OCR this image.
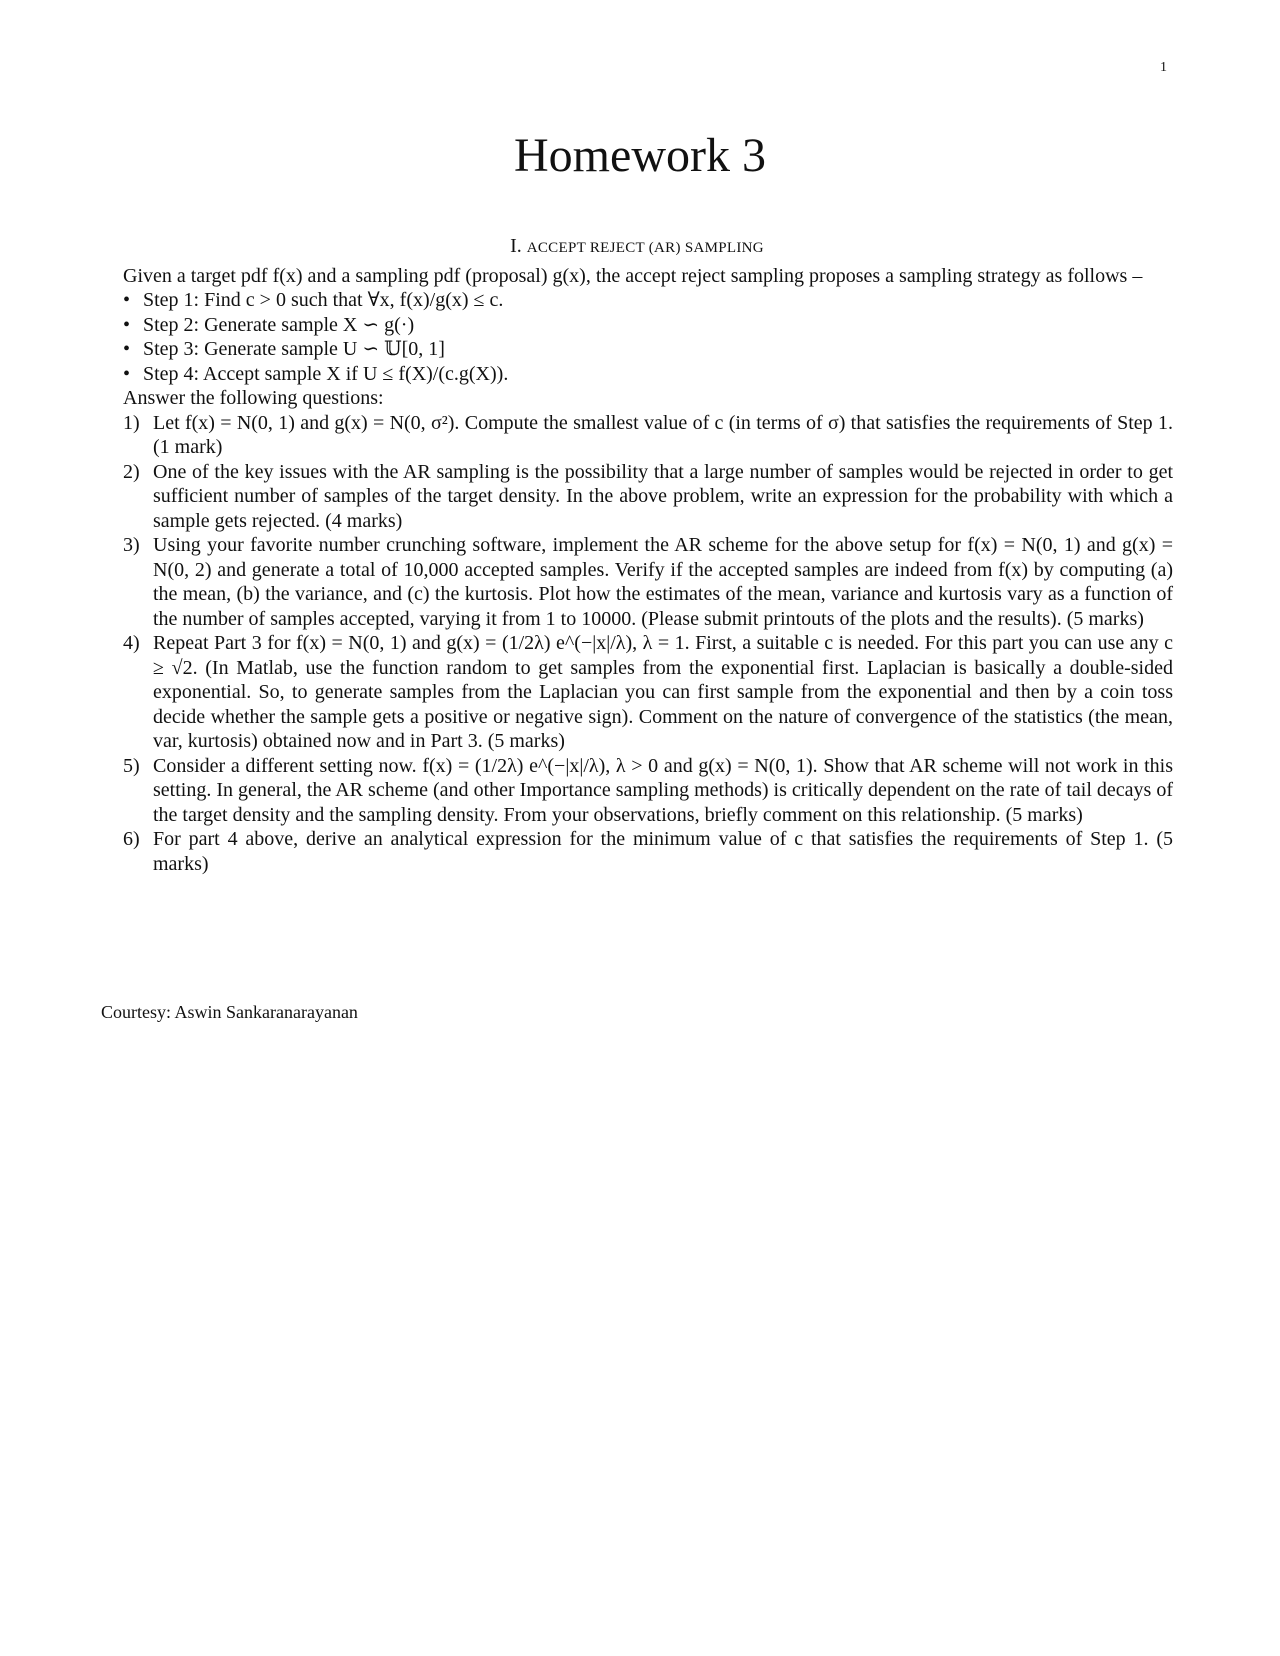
1
Homework 3
I. ACCEPT REJECT (AR) SAMPLING

Given a target pdf f(x) and a sampling pdf (proposal) g(x), the accept reject sampling proposes a sampling strategy as follows –

• Step 1: Find c > 0 such that ∀x, f(x)/g(x) ≤ c.
• Step 2: Generate sample X ∽ g(·)
• Step 3: Generate sample U ∽ 𝕌[0, 1]
• Step 4: Accept sample X if U ≤ f(X)/(c.g(X)).

Answer the following questions:

1) Let f(x) = N(0, 1) and g(x) = N(0, σ²). Compute the smallest value of c (in terms of σ) that satisfies the requirements of Step 1. (1 mark)
2) One of the key issues with the AR sampling is the possibility that a large number of samples would be rejected in order to get sufficient number of samples of the target density. In the above problem, write an expression for the probability with which a sample gets rejected. (4 marks)
3) Using your favorite number crunching software, implement the AR scheme for the above setup for f(x) = N(0, 1) and g(x) = N(0, 2) and generate a total of 10,000 accepted samples. Verify if the accepted samples are indeed from f(x) by computing (a) the mean, (b) the variance, and (c) the kurtosis. Plot how the estimates of the mean, variance and kurtosis vary as a function of the number of samples accepted, varying it from 1 to 10000. (Please submit printouts of the plots and the results). (5 marks)
4) Repeat Part 3 for f(x) = N(0, 1) and g(x) = (1/2λ) e^(−|x|/λ), λ = 1. First, a suitable c is needed. For this part you can use any c ≥ √2. (In Matlab, use the function random to get samples from the exponential first. Laplacian is basically a double-sided exponential. So, to generate samples from the Laplacian you can first sample from the exponential and then by a coin toss decide whether the sample gets a positive or negative sign). Comment on the nature of convergence of the statistics (the mean, var, kurtosis) obtained now and in Part 3. (5 marks)
5) Consider a different setting now. f(x) = (1/2λ) e^(−|x|/λ), λ > 0 and g(x) = N(0, 1). Show that AR scheme will not work in this setting. In general, the AR scheme (and other Importance sampling methods) is critically dependent on the rate of tail decays of the target density and the sampling density. From your observations, briefly comment on this relationship. (5 marks)
6) For part 4 above, derive an analytical expression for the minimum value of c that satisfies the requirements of Step 1. (5 marks)
Courtesy: Aswin Sankaranarayanan
